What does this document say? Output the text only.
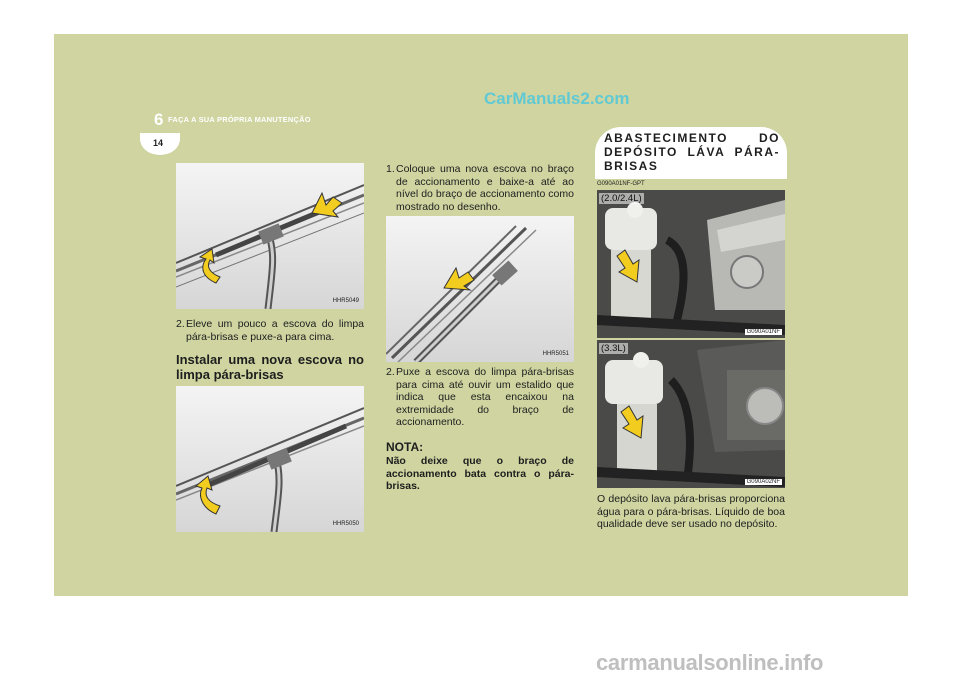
CarManuals2.com
6 FAÇA A SUA PRÓPRIA MANUTENÇÃO
14
HHR5049
2. Eleve um pouco a escova do limpa pára-brisas e puxe-a para cima.
Instalar uma nova escova no limpa pára-brisas
HHR5050
1. Coloque uma nova escova no braço de accionamento e baixe-a até ao nível do braço de accionamento como mostrado no desenho.
HHR5051
2. Puxe a escova do limpa pára-brisas para cima até ouvir um estalido que indica que esta encaixou na extremidade do braço de accionamento.
NOTA:
Não deixe que o braço de accionamento bata contra o pára-brisas.
ABASTECIMENTO DO DEPÓSITO LÁVA PÁRA-BRISAS
G090A01NF-GPT
(2.0/2.4L)
G090A01NF
(3.3L)
G090A02NF
O depósito lava pára-brisas proporciona água para o pára-brisas. Líquido de boa qualidade deve ser usado no depósito.
carmanualsonline.info
